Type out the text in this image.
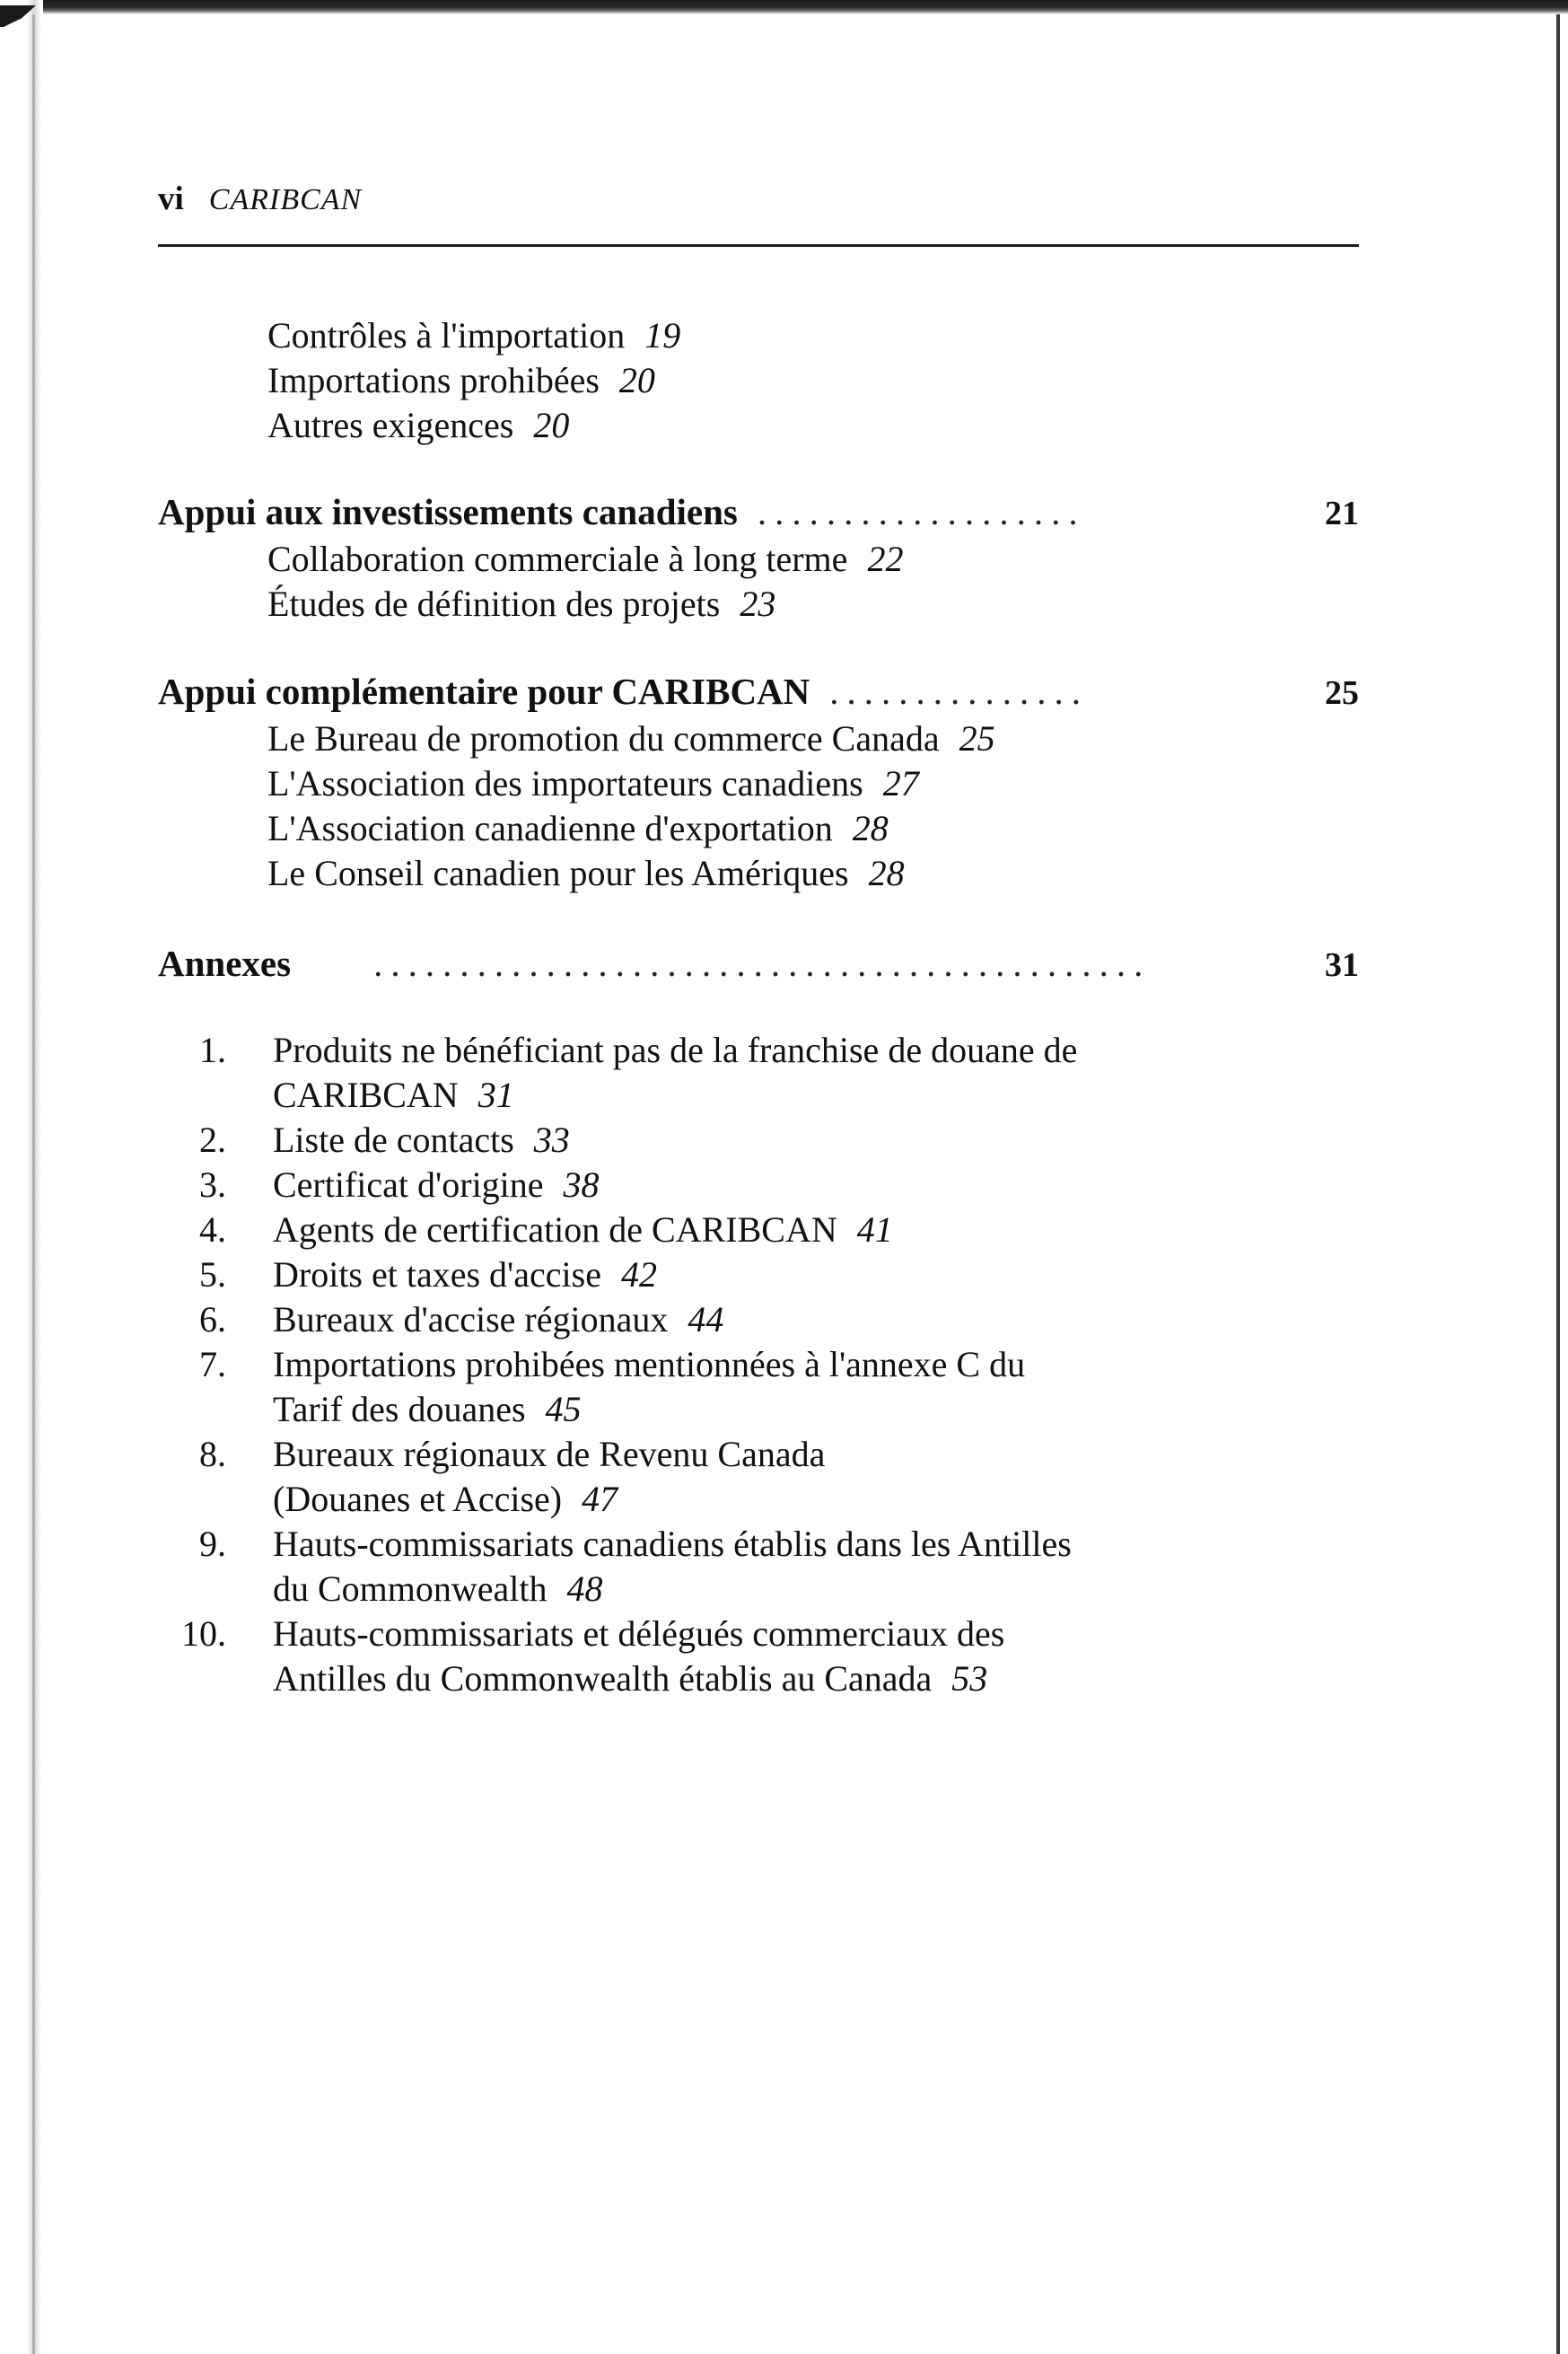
vi CARIBCAN
Contrôles à l'importation 19
Importations prohibées 20
Autres exigences 20
Appui aux investissements canadiens ...................	21
Collaboration commerciale à long terme 22
Études de définition des projets 23
Appui complémentaire pour CARIBCAN ...............	25
Le Bureau de promotion du commerce Canada 25
L'Association des importateurs canadiens 27
L'Association canadienne d'exportation 28
Le Conseil canadien pour les Amériques 28
Annexes .............................................	31
1. Produits ne bénéficiant pas de la franchise de douane de
CARIBCAN 31
2. Liste de contacts 33
3. Certificat d'origine 38
4. Agents de certification de CARIBCAN 41
5. Droits et taxes d'accise 42
6. Bureaux d'accise régionaux 44
7. Importations prohibées mentionnées à l'annexe C du
Tarif des douanes 45
8. Bureaux régionaux de Revenu Canada
(Douanes et Accise) 47
9. Hauts-commissariats canadiens établis dans les Antilles
du Commonwealth 48
10. Hauts-commissariats et délégués commerciaux des
Antilles du Commonwealth établis au Canada 53
